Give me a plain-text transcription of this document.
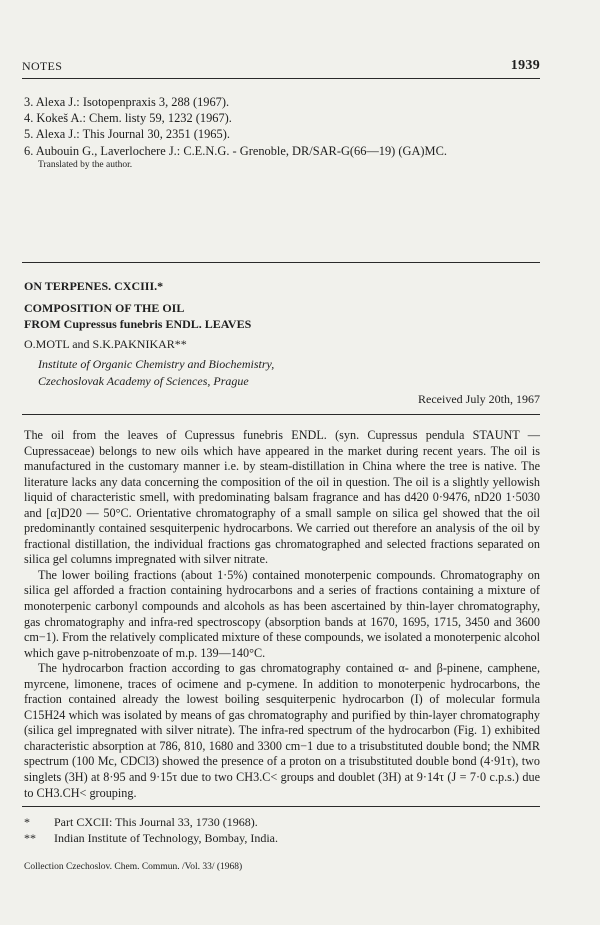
NOTES	1939
3. Alexa J.: Isotopenpraxis 3, 288 (1967).
4. Kokeš A.: Chem. listy 59, 1232 (1967).
5. Alexa J.: This Journal 30, 2351 (1965).
6. Aubouin G., Laverlochere J.: C.E.N.G. - Grenoble, DR/SAR-G(66—19) (GA)MC.
Translated by the author.
ON TERPENES. CXCIII.*
COMPOSITION OF THE OIL
FROM Cupressus funebris ENDL. LEAVES
O.MOTL and S.K.PAKNIKAR**
Institute of Organic Chemistry and Biochemistry,
Czechoslovak Academy of Sciences, Prague
Received July 20th, 1967

The oil from the leaves of Cupressus funebris ENDL. (syn. Cupressus pendula STAUNT — Cupressaceae) belongs to new oils which have appeared in the market during recent years. The oil is manufactured in the customary manner i.e. by steam-distillation in China where the tree is native. The literature lacks any data concerning the composition of the oil in question. The oil is a slightly yellowish liquid of characteristic smell, with predominating balsam fragrance and has d420 0·9476, nD20 1·5030 and [α]D20 — 50°C. Orientative chromatography of a small sample on silica gel showed that the oil predominantly contained sesquiterpenic hydrocarbons. We carried out therefore an analysis of the oil by fractional distillation, the individual fractions gas chromatographed and selected fractions separated on silica gel columns impregnated with silver nitrate.

The lower boiling fractions (about 1·5%) contained monoterpenic compounds. Chromatography on silica gel afforded a fraction containing hydrocarbons and a series of fractions containing a mixture of monoterpenic carbonyl compounds and alcohols as has been ascertained by thin-layer chromatography, gas chromatography and infra-red spectroscopy (absorption bands at 1670, 1695, 1715, 3450 and 3600 cm−1). From the relatively complicated mixture of these compounds, we isolated a monoterpenic alcohol which gave p-nitrobenzoate of m.p. 139—140°C.

The hydrocarbon fraction according to gas chromatography contained α- and β-pinene, camphene, myrcene, limonene, traces of ocimene and p-cymene. In addition to monoterpenic hydrocarbons, the fraction contained already the lowest boiling sesquiterpenic hydrocarbon (I) of molecular formula C15H24 which was isolated by means of gas chromatography and purified by thin-layer chromatography (silica gel impregnated with silver nitrate). The infra-red spectrum of the hydrocarbon (Fig. 1) exhibited characteristic absorption at 786, 810, 1680 and 3300 cm−1 due to a trisubstituted double bond; the NMR spectrum (100 Mc, CDCl3) showed the presence of a proton on a trisubstituted double bond (4·91τ), two singlets (3H) at 8·95 and 9·15τ due to two CH3.C< groups and doublet (3H) at 9·14τ (J = 7·0 c.p.s.) due to CH3.CH< grouping.

*	Part CXCII: This Journal 33, 1730 (1968).
**	Indian Institute of Technology, Bombay, India.
Collection Czechoslov. Chem. Commun. /Vol. 33/ (1968)
